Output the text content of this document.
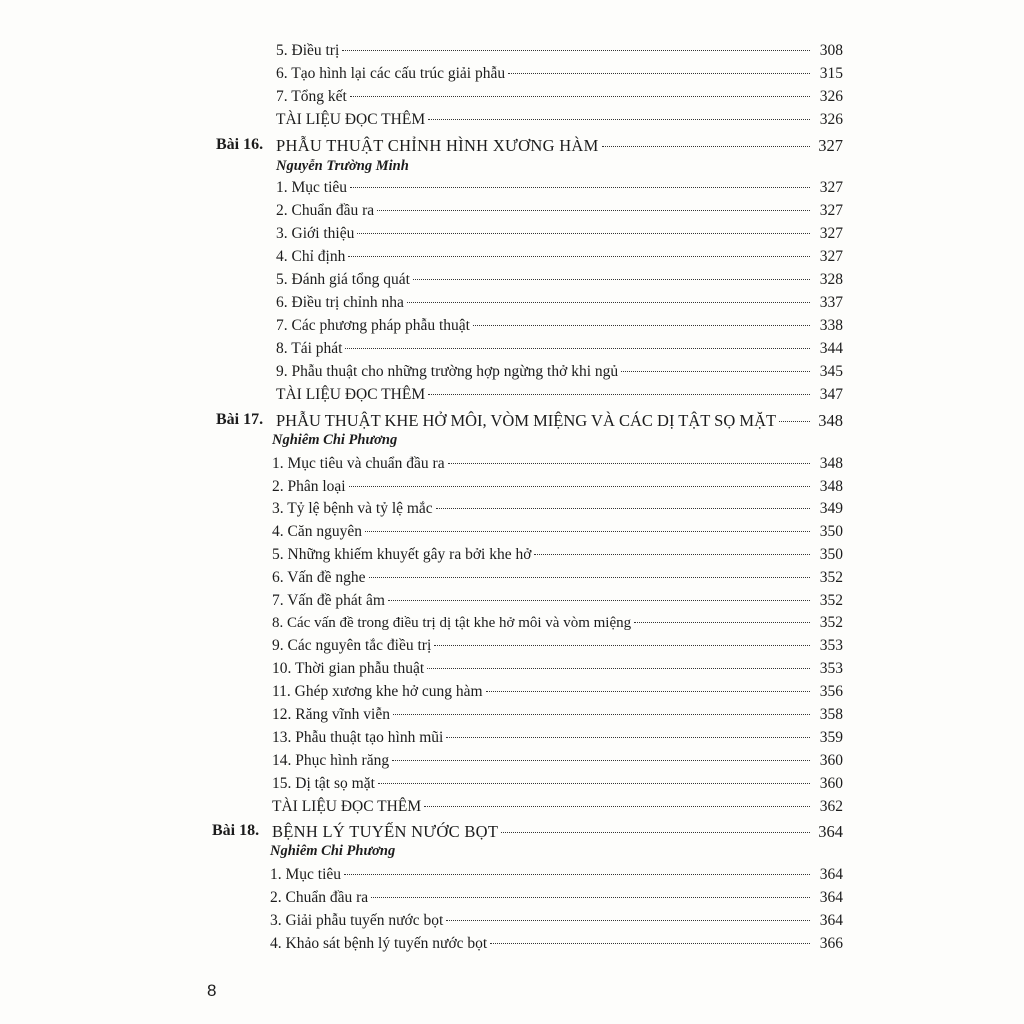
5. Điều trị	308
6. Tạo hình lại các cấu trúc giải phẫu	315
7. Tổng kết	326
TÀI LIỆU ĐỌC THÊM	326
Bài 16. PHẪU THUẬT CHỈNH HÌNH XƯƠNG HÀM	327
Nguyễn Trường Minh
1. Mục tiêu	327
2. Chuẩn đầu ra	327
3. Giới thiệu	327
4. Chỉ định	327
5. Đánh giá tổng quát	328
6. Điều trị chỉnh nha	337
7. Các phương pháp phẫu thuật	338
8. Tái phát	344
9. Phẫu thuật cho những trường hợp ngừng thở khi ngủ	345
TÀI LIỆU ĐỌC THÊM	347
Bài 17. PHẪU THUẬT KHE HỞ MÔI, VÒM MIỆNG VÀ CÁC DỊ TẬT SỌ MẶT	348
Nghiêm Chi Phương
1. Mục tiêu và chuẩn đầu ra	348
2. Phân loại	348
3. Tỷ lệ bệnh và tỷ lệ mắc	349
4. Căn nguyên	350
5. Những khiếm khuyết gây ra bởi khe hở	350
6. Vấn đề nghe	352
7. Vấn đề phát âm	352
8. Các vấn đề trong điều trị dị tật khe hở môi và vòm miệng	352
9. Các nguyên tắc điều trị	353
10. Thời gian phẫu thuật	353
11. Ghép xương khe hở cung hàm	356
12. Răng vĩnh viễn	358
13. Phẫu thuật tạo hình mũi	359
14. Phục hình răng	360
15. Dị tật sọ mặt	360
TÀI LIỆU ĐỌC THÊM	362
Bài 18. BỆNH LÝ TUYẾN NƯỚC BỌT	364
Nghiêm Chi Phương
1. Mục tiêu	364
2. Chuẩn đầu ra	364
3. Giải phẫu tuyến nước bọt	364
4. Khảo sát bệnh lý tuyến nước bọt	366
8
